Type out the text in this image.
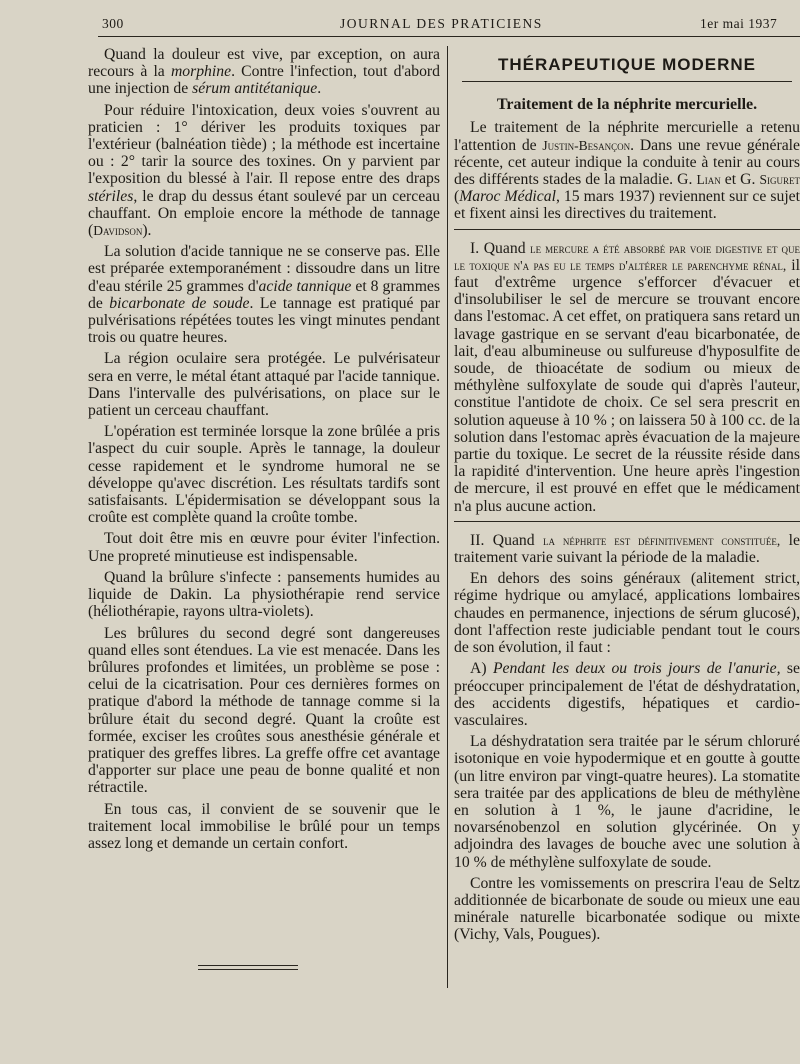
300	JOURNAL DES PRATICIENS	1er mai 1937

Quand la douleur est vive, par exception, on aura recours à la morphine. Contre l'infection, tout d'abord une injection de sérum antitétanique.

Pour réduire l'intoxication, deux voies s'ouvrent au praticien : 1° dériver les produits toxiques par l'extérieur (balnéation tiède) ; la méthode est incertaine ou : 2° tarir la source des toxines. On y parvient par l'exposition du blessé à l'air. Il repose entre des draps stériles, le drap du dessus étant soulevé par un cerceau chauffant. On emploie encore la méthode de tannage (Davidson).

La solution d'acide tannique ne se conserve pas. Elle est préparée extemporanément : dissoudre dans un litre d'eau stérile 25 grammes d'acide tannique et 8 grammes de bicarbonate de soude. Le tannage est pratiqué par pulvérisations répétées toutes les vingt minutes pendant trois ou quatre heures.

La région oculaire sera protégée. Le pulvérisateur sera en verre, le métal étant attaqué par l'acide tannique. Dans l'intervalle des pulvérisations, on place sur le patient un cerceau chauffant.

L'opération est terminée lorsque la zone brûlée a pris l'aspect du cuir souple. Après le tannage, la douleur cesse rapidement et le syndrome humoral ne se développe qu'avec discrétion. Les résultats tardifs sont satisfaisants. L'épidermisation se développant sous la croûte est complète quand la croûte tombe.

Tout doit être mis en œuvre pour éviter l'infection. Une propreté minutieuse est indispensable.

Quand la brûlure s'infecte : pansements humides au liquide de Dakin. La physiothérapie rend service (héliothérapie, rayons ultra-violets).

Les brûlures du second degré sont dangereuses quand elles sont étendues. La vie est menacée. Dans les brûlures profondes et limitées, un problème se pose : celui de la cicatrisation. Pour ces dernières formes on pratique d'abord la méthode de tannage comme si la brûlure était du second degré. Quant la croûte est formée, exciser les croûtes sous anesthésie générale et pratiquer des greffes libres. La greffe offre cet avantage d'apporter sur place une peau de bonne qualité et non rétractile.

En tous cas, il convient de se souvenir que le traitement local immobilise le brûlé pour un temps assez long et demande un certain confort.

THÉRAPEUTIQUE MODERNE
Traitement de la néphrite mercurielle.

Le traitement de la néphrite mercurielle a retenu l'attention de Justin-Besançon. Dans une revue générale récente, cet auteur indique la conduite à tenir au cours des différents stades de la maladie. G. Lian et G. Siguret (Maroc Médical, 15 mars 1937) reviennent sur ce sujet et fixent ainsi les directives du traitement.

I. Quand le mercure a été absorbé par voie digestive et que le toxique n'a pas eu le temps d'altérer le parenchyme rénal, il faut d'extrême urgence s'efforcer d'évacuer et d'insolubiliser le sel de mercure se trouvant encore dans l'estomac. A cet effet, on pratiquera sans retard un lavage gastrique en se servant d'eau bicarbonatée, de lait, d'eau albumineuse ou sulfureuse d'hyposulfite de soude, de thioacétate de sodium ou mieux de méthylène sulfoxylate de soude qui d'après l'auteur, constitue l'antidote de choix. Ce sel sera prescrit en solution aqueuse à 10 % ; on laissera 50 à 100 cc. de la solution dans l'estomac après évacuation de la majeure partie du toxique. Le secret de la réussite réside dans la rapidité d'intervention. Une heure après l'ingestion de mercure, il est prouvé en effet que le médicament n'a plus aucune action.

II. Quand la néphrite est définitivement constituée, le traitement varie suivant la période de la maladie.

En dehors des soins généraux (alitement strict, régime hydrique ou amylacé, applications lombaires chaudes en permanence, injections de sérum glucosé), dont l'affection reste judiciable pendant tout le cours de son évolution, il faut :

A) Pendant les deux ou trois jours de l'anurie, se préoccuper principalement de l'état de déshydratation, des accidents digestifs, hépatiques et cardio-vasculaires.

La déshydratation sera traitée par le sérum chloruré isotonique en voie hypodermique et en goutte à goutte (un litre environ par vingt-quatre heures). La stomatite sera traitée par des applications de bleu de méthylène en solution à 1 %, le jaune d'acridine, le novarsénobenzol en solution glycérinée. On y adjoindra des lavages de bouche avec une solution à 10 % de méthylène sulfoxylate de soude.

Contre les vomissements on prescrira l'eau de Seltz additionnée de bicarbonate de soude ou mieux une eau minérale naturelle bicarbonatée sodique ou mixte (Vichy, Vals, Pougues).
